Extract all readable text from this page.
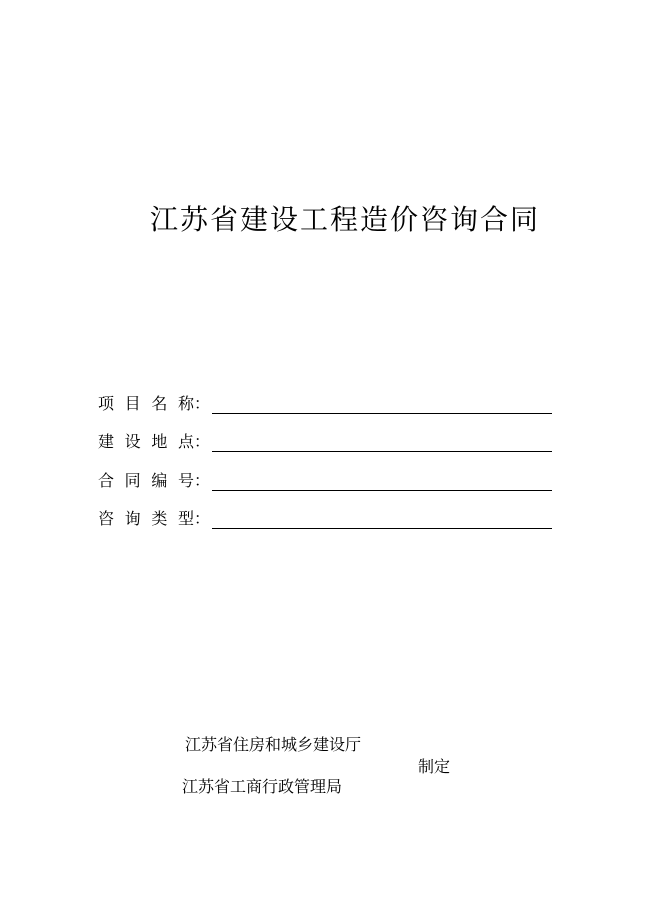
江苏省建设工程造价咨询合同
项 目 名 称：
建 设 地 点：
合 同 编 号：
咨 询 类 型：
江苏省住房和城乡建设厅
制定
江苏省工商行政管理局
